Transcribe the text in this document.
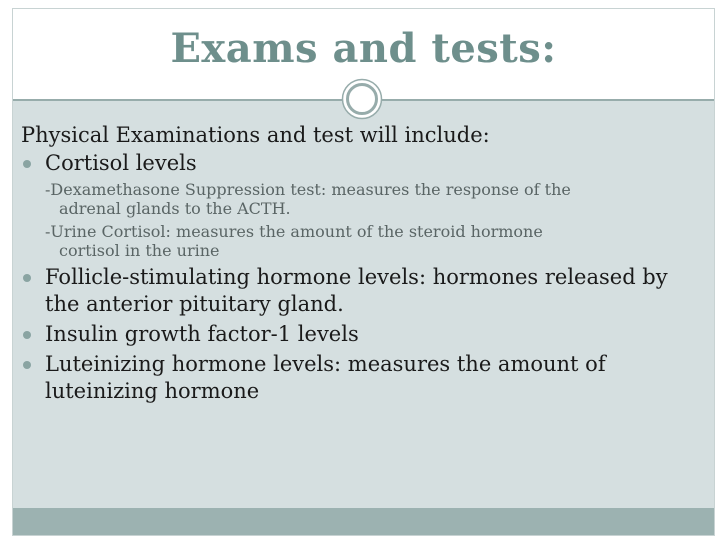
Exams and tests:

Physical Examinations and test will include:

Cortisol levels
-Dexamethasone Suppression test: measures the response of the
adrenal glands to the ACTH.
-Urine Cortisol: measures the amount of the steroid hormone
cortisol in the urine
Follicle-stimulating hormone levels: hormones released by the anterior pituitary gland.
Insulin growth factor-1 levels
Luteinizing hormone levels: measures the amount of luteinizing hormone
